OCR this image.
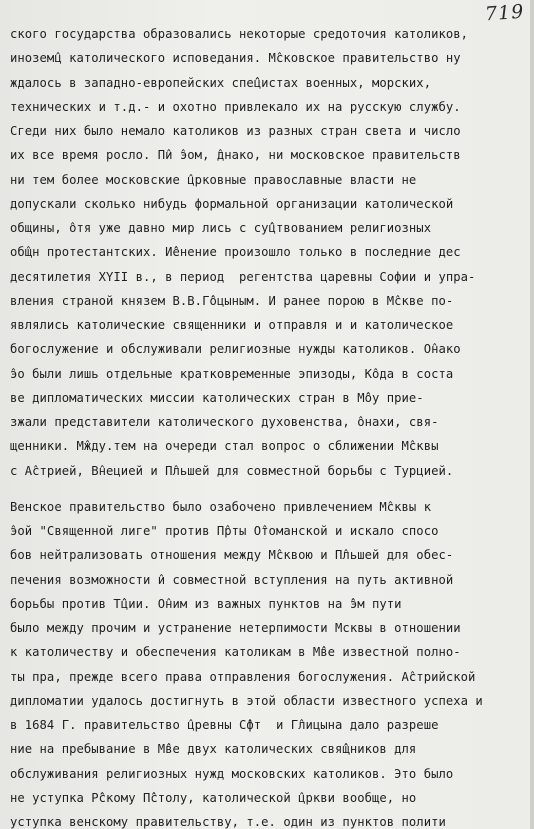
719
ского государства образовались некоторые средоточия католиков,
иноземц̂ католического исповедания. М̂сковское правительство ну
ждалось в западно-европейских спец̂̂истах военных, морских,
технических и т.д.- и охотно привлекало их на русскую службу.
Сгеди них было немало католиков из разных стран света и число
их все время росло. П̂и э̂ом, ̂днако, ни московское правительств
ни тем более московские ц̂рковные православные власти не
допускали сколько нибудь формальной организации католической
общины, ̂отя уже давно мир лись с суц̂̂твованием религиозных
общ̂н протестантских. И̂̂енение произошло только в последние дес
десятилетия XYII в., в период  регентства царевны Софии и упра-
вления страной князем В.В.Го̂̂цыным. И ранее порою в М̂скве по-
являлись католические священники и отправля и и католическое
богослужение и обслуживали религиозные нужды католиков. О̂нако
э̂о были лишь отдельные кратковременные эпизоды, Ко̂да в соста
ве дипломатических миссии католических стран в Мо̂̂у прие-
зжали представители католического духовенства, ̂онахи, свя-
щенники. М̂жду.тем на очереди стал вопрос о сближении М̂сквы
с А̂стрией, В̂нецией и П̂льшей для совместной борьбы с Турцией.
Венское правительство было озабочено привлечением М̂сквы к
э̂ой "Священной лиге" против П̂рты О̂томанской и искало спосо
бов нейтрализовать отношения между М̂сквою и П̂льшей для обес-
печения возможности и̂ совместной вступления на путь активной
борьбы против Т̂̂ции. О̂ним из важных пунктов на э̂̂м пути
было между прочим и устранение нетерпимости Мсквы в отношении
к католичеству и обеспечения католикам в М̂̂ве известной полно-
ты пра, прежде всего права отправления богослужения. А̂стрийской
дипломатии удалось достигнуть в этой области известного успеха и
в 1684 Г. правительство ц̂ревны С̂фт  и Г̂лицына дало разреше
ние на пребывание в М̂̂ве двух католических свящ̂̂ников для
обслуживания религиозных нужд московских католиков. Это было
не уступка Р̂̂скому П̂̂столу, католической ц̂ркви вообще, но
уступка венскому правительству, т.е. один из пунктов полити
